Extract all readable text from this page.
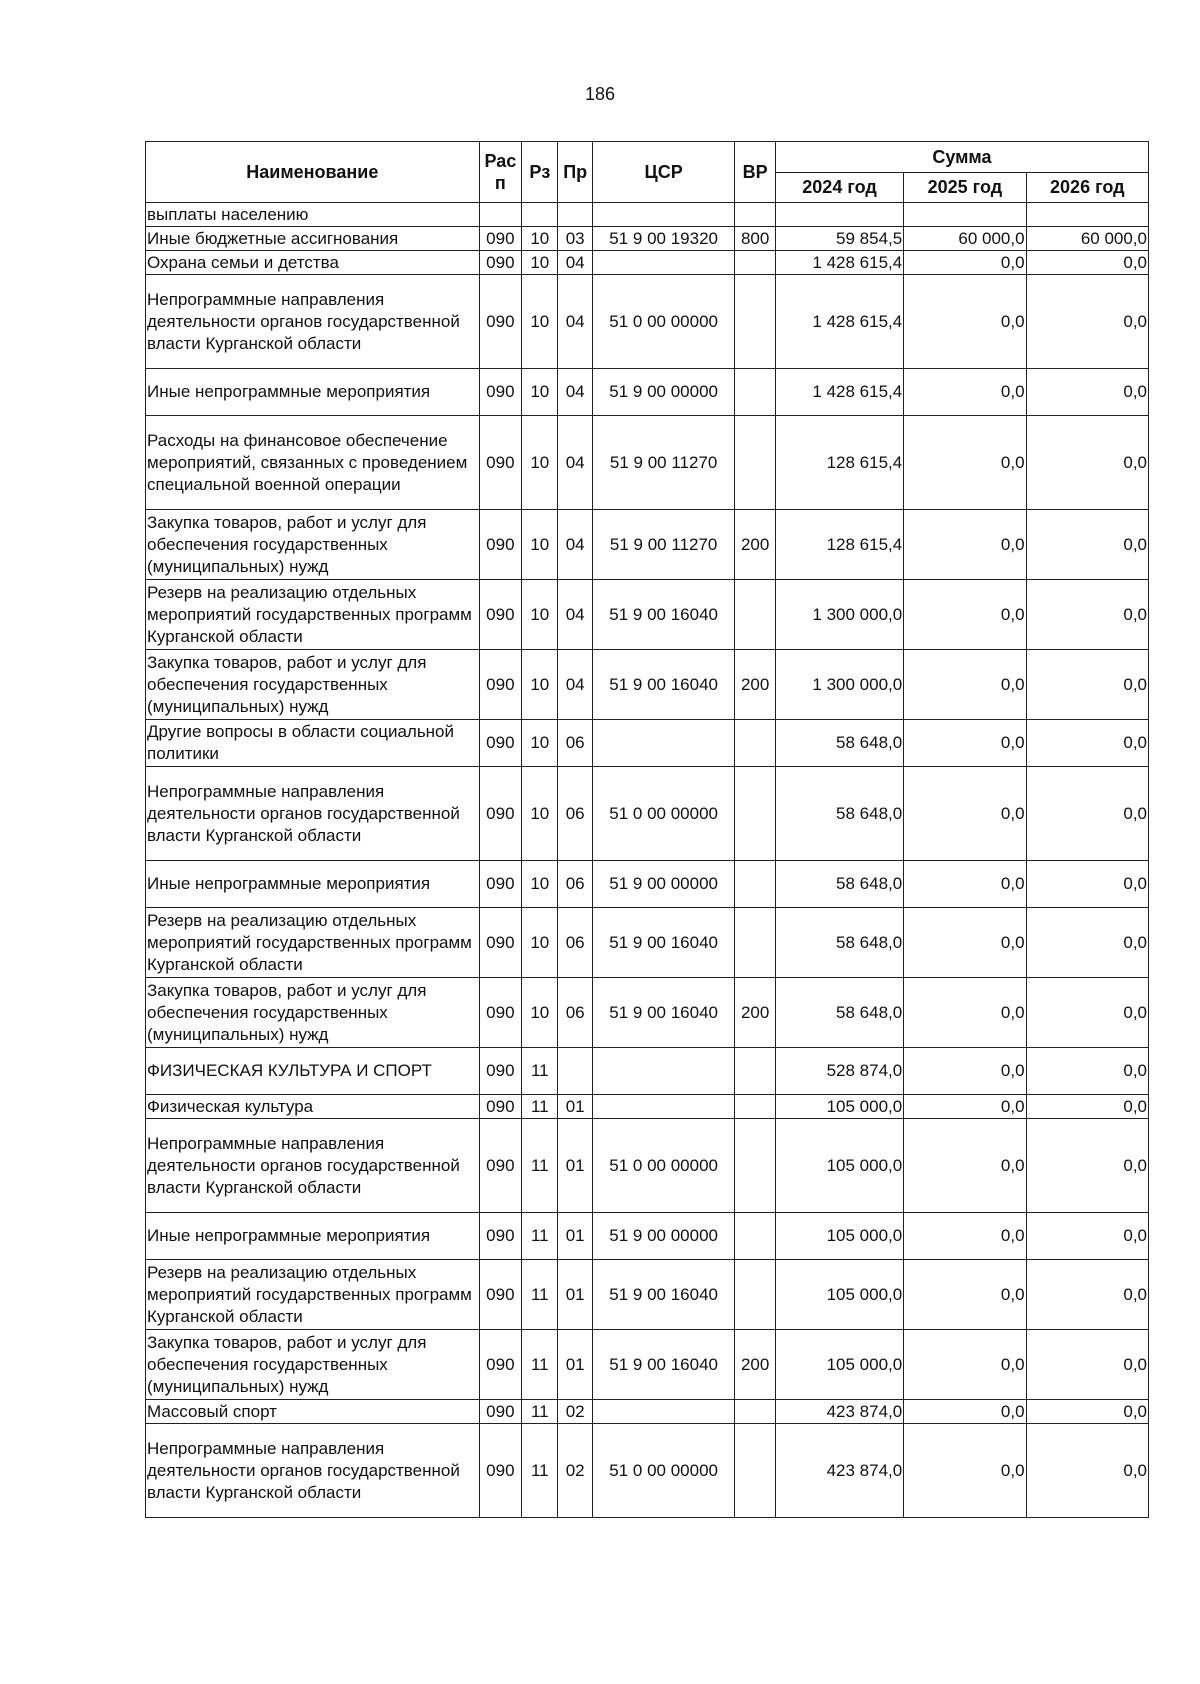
186
Наименование	Рас п	Рз	Пр	ЦСР	ВР	Сумма		
						2024 год	2025 год	2026 год
выплаты населению								
Иные бюджетные ассигнования	090	10	03	51 9 00 19320	800	59 854,5	60 000,0	60 000,0
Охрана семьи и детства	090	10	04			1 428 615,4	0,0	0,0
Непрограммные направления деятельности органов государственной власти Курганской области	090	10	04	51 0 00 00000		1 428 615,4	0,0	0,0
Иные непрограммные мероприятия	090	10	04	51 9 00 00000		1 428 615,4	0,0	0,0
Расходы на финансовое обеспечение мероприятий, связанных с проведением специальной военной операции	090	10	04	51 9 00 11270		128 615,4	0,0	0,0
Закупка товаров, работ и услуг для обеспечения государственных (муниципальных) нужд	090	10	04	51 9 00 11270	200	128 615,4	0,0	0,0
Резерв на реализацию отдельных мероприятий государственных программ Курганской области	090	10	04	51 9 00 16040		1 300 000,0	0,0	0,0
Закупка товаров, работ и услуг для обеспечения государственных (муниципальных) нужд	090	10	04	51 9 00 16040	200	1 300 000,0	0,0	0,0
Другие вопросы в области социальной политики	090	10	06			58 648,0	0,0	0,0
Непрограммные направления деятельности органов государственной власти Курганской области	090	10	06	51 0 00 00000		58 648,0	0,0	0,0
Иные непрограммные мероприятия	090	10	06	51 9 00 00000		58 648,0	0,0	0,0
Резерв на реализацию отдельных мероприятий государственных программ Курганской области	090	10	06	51 9 00 16040		58 648,0	0,0	0,0
Закупка товаров, работ и услуг для обеспечения государственных (муниципальных) нужд	090	10	06	51 9 00 16040	200	58 648,0	0,0	0,0
ФИЗИЧЕСКАЯ КУЛЬТУРА И СПОРТ	090	11				528 874,0	0,0	0,0
Физическая культура	090	11	01			105 000,0	0,0	0,0
Непрограммные направления деятельности органов государственной власти Курганской области	090	11	01	51 0 00 00000		105 000,0	0,0	0,0
Иные непрограммные мероприятия	090	11	01	51 9 00 00000		105 000,0	0,0	0,0
Резерв на реализацию отдельных мероприятий государственных программ Курганской области	090	11	01	51 9 00 16040		105 000,0	0,0	0,0
Закупка товаров, работ и услуг для обеспечения государственных (муниципальных) нужд	090	11	01	51 9 00 16040	200	105 000,0	0,0	0,0
Массовый спорт	090	11	02			423 874,0	0,0	0,0
Непрограммные направления деятельности органов государственной власти Курганской области	090	11	02	51 0 00 00000		423 874,0	0,0	0,0
